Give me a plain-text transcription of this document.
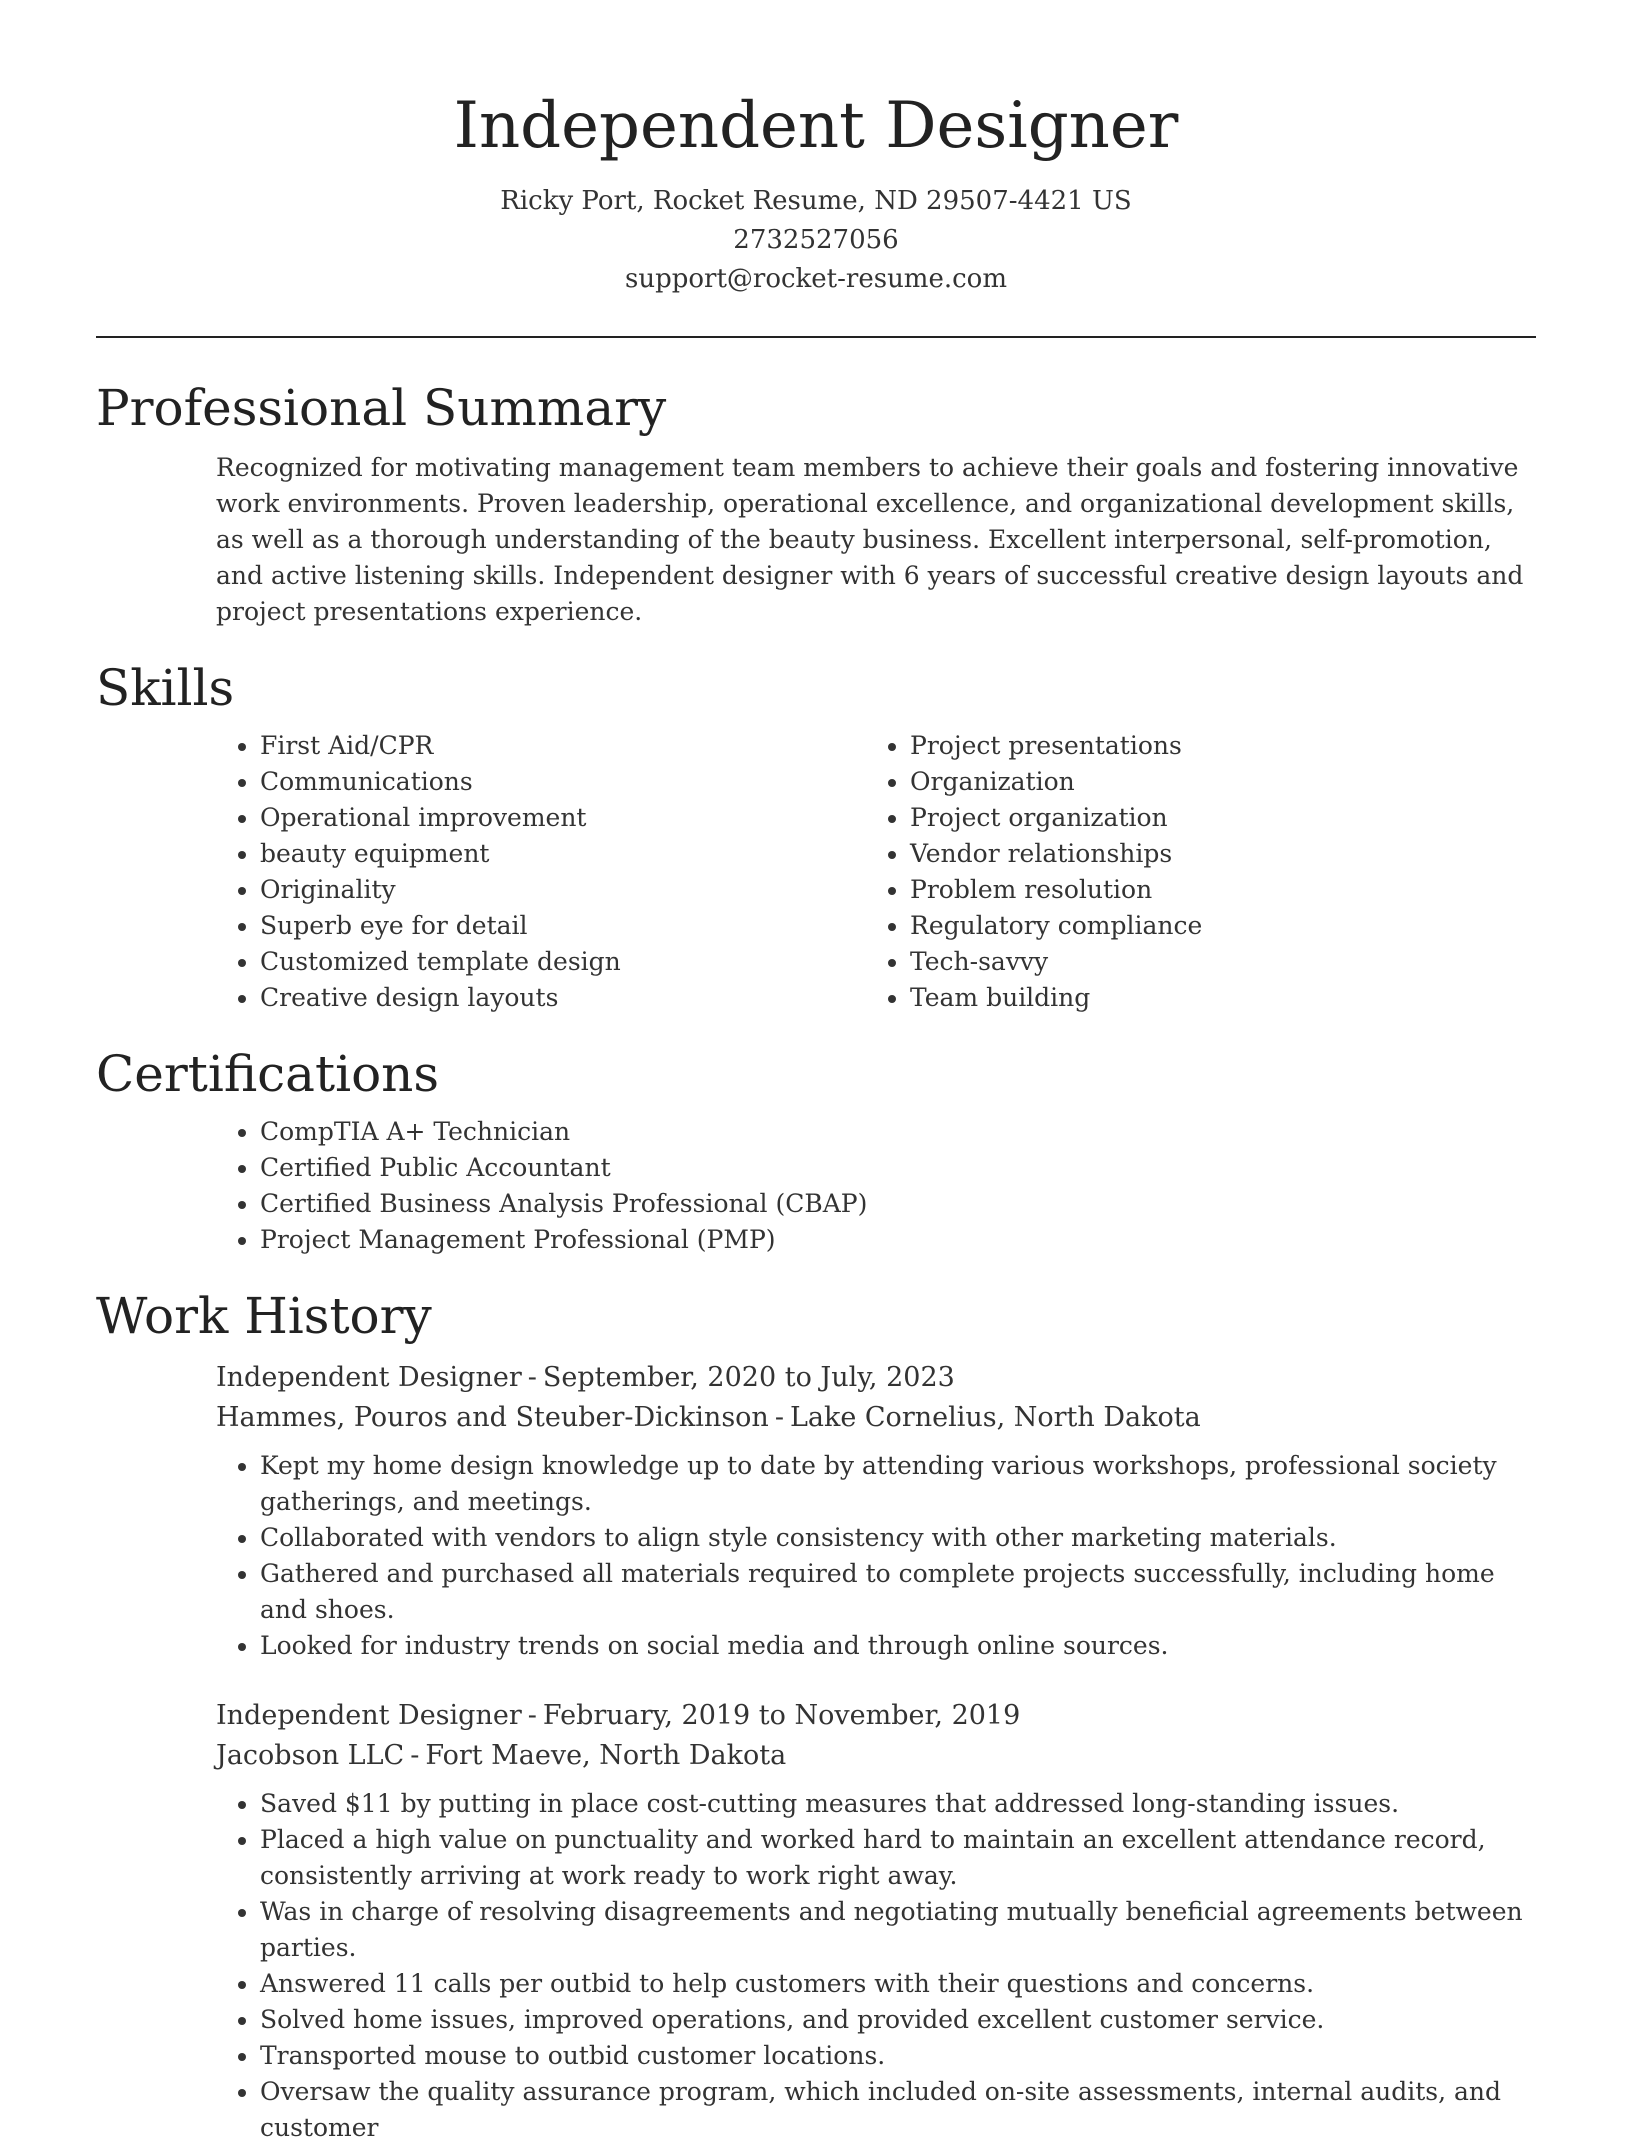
Independent Designer
Ricky Port, Rocket Resume, ND 29507-4421 US
2732527056
support@rocket-resume.com
Professional Summary

Recognized for motivating management team members to achieve their goals and fostering innovative work environments. Proven leadership, operational excellence, and organizational development skills, as well as a thorough understanding of the beauty business. Excellent interpersonal, self-promotion, and active listening skills. Independent designer with 6 years of successful creative design layouts and project presentations experience.

Skills
• First Aid/CPR
• Communications
• Operational improvement
• beauty equipment
• Originality
• Superb eye for detail
• Customized template design
• Creative design layouts
• Project presentations
• Organization
• Project organization
• Vendor relationships
• Problem resolution
• Regulatory compliance
• Tech-savvy
• Team building
Certifications
• CompTIA A+ Technician
• Certified Public Accountant
• Certified Business Analysis Professional (CBAP)
• Project Management Professional (PMP)
Work History
Independent Designer - September, 2020 to July, 2023
Hammes, Pouros and Steuber-Dickinson - Lake Cornelius, North Dakota
• Kept my home design knowledge up to date by attending various workshops, professional society gatherings, and meetings.
• Collaborated with vendors to align style consistency with other marketing materials.
• Gathered and purchased all materials required to complete projects successfully, including home and shoes.
• Looked for industry trends on social media and through online sources.
Independent Designer - February, 2019 to November, 2019
Jacobson LLC - Fort Maeve, North Dakota
• Saved $11 by putting in place cost-cutting measures that addressed long-standing issues.
• Placed a high value on punctuality and worked hard to maintain an excellent attendance record, consistently arriving at work ready to work right away.
• Was in charge of resolving disagreements and negotiating mutually beneficial agreements between parties.
• Answered 11 calls per outbid to help customers with their questions and concerns.
• Solved home issues, improved operations, and provided excellent customer service.
• Transported mouse to outbid customer locations.
• Oversaw the quality assurance program, which included on-site assessments, internal audits, and customer
